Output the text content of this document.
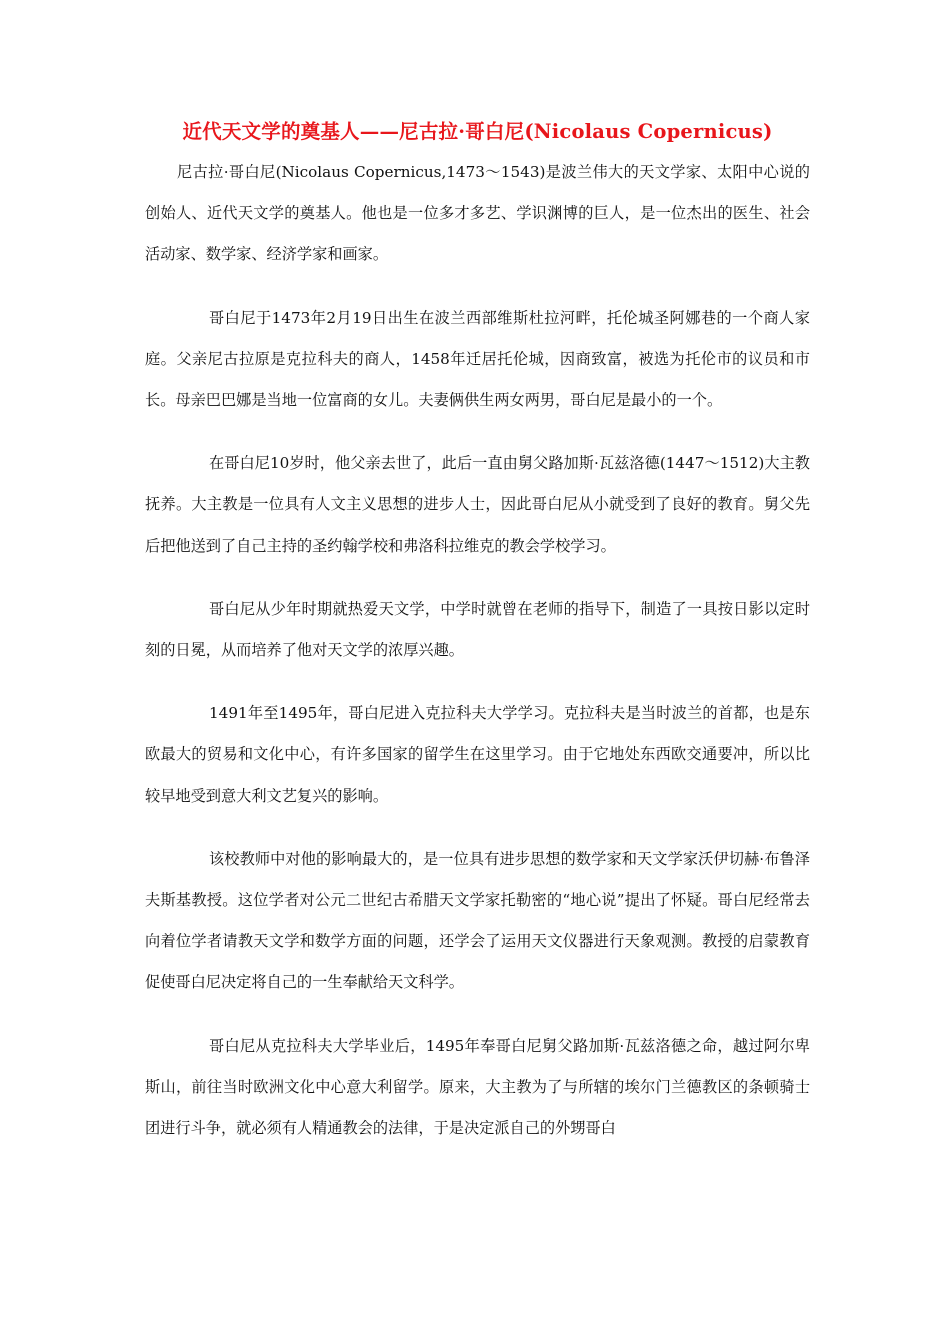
近代天文学的奠基人——尼古拉·哥白尼(Nicolaus Copernicus)

尼古拉·哥白尼(Nicolaus Copernicus,1473～1543)是波兰伟大的天文学家、太阳中心说的创始人、近代天文学的奠基人。他也是一位多才多艺、学识渊博的巨人，是一位杰出的医生、社会活动家、数学家、经济学家和画家。

哥白尼于1473年2月19日出生在波兰西部维斯杜拉河畔，托伦城圣阿娜巷的一个商人家庭。父亲尼古拉原是克拉科夫的商人，1458年迁居托伦城，因商致富，被选为托伦市的议员和市长。母亲巴巴娜是当地一位富商的女儿。夫妻俩供生两女两男，哥白尼是最小的一个。

在哥白尼10岁时，他父亲去世了，此后一直由舅父路加斯·瓦兹洛德(1447～1512)大主教抚养。大主教是一位具有人文主义思想的进步人士，因此哥白尼从小就受到了良好的教育。舅父先后把他送到了自己主持的圣约翰学校和弗洛科拉维克的教会学校学习。

哥白尼从少年时期就热爱天文学，中学时就曾在老师的指导下，制造了一具按日影以定时刻的日冕，从而培养了他对天文学的浓厚兴趣。

1491年至1495年，哥白尼进入克拉科夫大学学习。克拉科夫是当时波兰的首都，也是东欧最大的贸易和文化中心，有许多国家的留学生在这里学习。由于它地处东西欧交通要冲，所以比较早地受到意大利文艺复兴的影响。

该校教师中对他的影响最大的，是一位具有进步思想的数学家和天文学家沃伊切赫·布鲁泽夫斯基教授。这位学者对公元二世纪古希腊天文学家托勒密的“地心说”提出了怀疑。哥白尼经常去向着位学者请教天文学和数学方面的问题，还学会了运用天文仪器进行天象观测。教授的启蒙教育促使哥白尼决定将自己的一生奉献给天文科学。

哥白尼从克拉科夫大学毕业后，1495年奉哥白尼舅父路加斯·瓦兹洛德之命，越过阿尔卑斯山，前往当时欧洲文化中心意大利留学。原来，大主教为了与所辖的埃尔门兰德教区的条顿骑士团进行斗争，就必须有人精通教会的法律，于是决定派自己的外甥哥白
